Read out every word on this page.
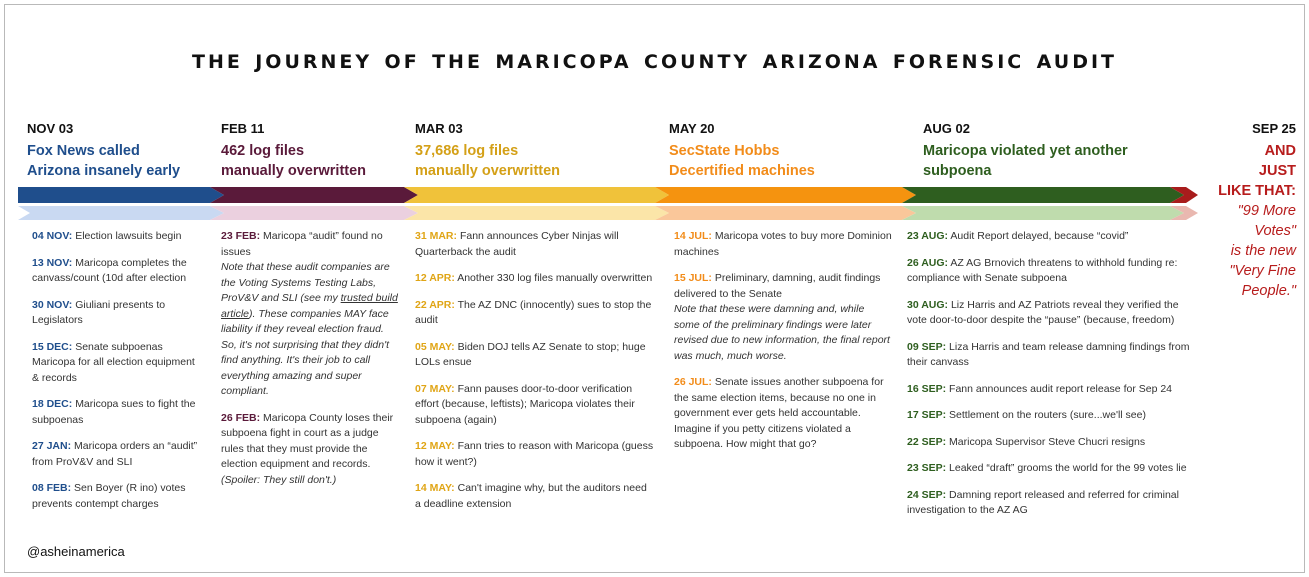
the journey of the maricopa county arizona forensic audit
NOV 03
Fox News called
Arizona insanely early
FEB 11
462 log files
manually overwritten
MAR 03
37,686 log files
manually overwritten
MAY 20
SecState Hobbs
Decertified machines
AUG 02
Maricopa violated yet another
subpoena
SEP 25
AND
JUST
LIKE THAT:
"99 More
Votes"
is the new
"Very Fine
People."
04 NOV: Election lawsuits begin
13 NOV: Maricopa completes the canvass/count (10d after election
30 NOV: Giuliani presents to Legislators
15 DEC: Senate subpoenas Maricopa for all election equipment & records
18 DEC: Maricopa sues to fight the subpoenas
27 JAN: Maricopa orders an “audit” from ProV&V and SLI
08 FEB: Sen Boyer (R ino) votes prevents contempt charges
23 FEB: Maricopa “audit” found no issues
Note that these audit companies are the Voting Systems Testing Labs, ProV&V and SLI (see my trusted build article). These companies MAY face liability if they reveal election fraud. So, it's not surprising that they didn't find anything. It's their job to call everything amazing and super compliant.
26 FEB: Maricopa County loses their subpoena fight in court as a judge rules that they must provide the election equipment and records.
(Spoiler: They still don't.)
31 MAR: Fann announces Cyber Ninjas will Quarterback the audit
12 APR: Another 330 log files manually overwritten
22 APR: The AZ DNC (innocently) sues to stop the audit
05 MAY: Biden DOJ tells AZ Senate to stop; huge LOLs ensue
07 MAY: Fann pauses door-to-door verification effort (because, leftists); Maricopa violates their subpoena (again)
12 MAY: Fann tries to reason with Maricopa (guess how it went?)
14 MAY: Can't imagine why, but the auditors need a deadline extension
14 JUL: Maricopa votes to buy more Dominion machines
15 JUL: Preliminary, damning, audit findings delivered to the Senate
Note that these were damning and, while some of the preliminary findings were later revised due to new information, the final report was much, much worse.
26 JUL: Senate issues another subpoena for the same election items, because no one in government ever gets held accountable. Imagine if you petty citizens violated a subpoena. How might that go?
23 AUG: Audit Report delayed, because “covid”
26 AUG: AZ AG Brnovich threatens to withhold funding re: compliance with Senate subpoena
30 AUG: Liz Harris and AZ Patriots reveal they verified the vote door-to-door despite the “pause” (because, freedom)
09 SEP: Liza Harris and team release damning findings from their canvass
16 SEP: Fann announces audit report release for Sep 24
17 SEP: Settlement on the routers (sure...we'll see)
22 SEP: Maricopa Supervisor Steve Chucri resigns
23 SEP: Leaked “draft” grooms the world for the 99 votes lie
24 SEP: Damning report released and referred for criminal investigation to the AZ AG
@asheinamerica
